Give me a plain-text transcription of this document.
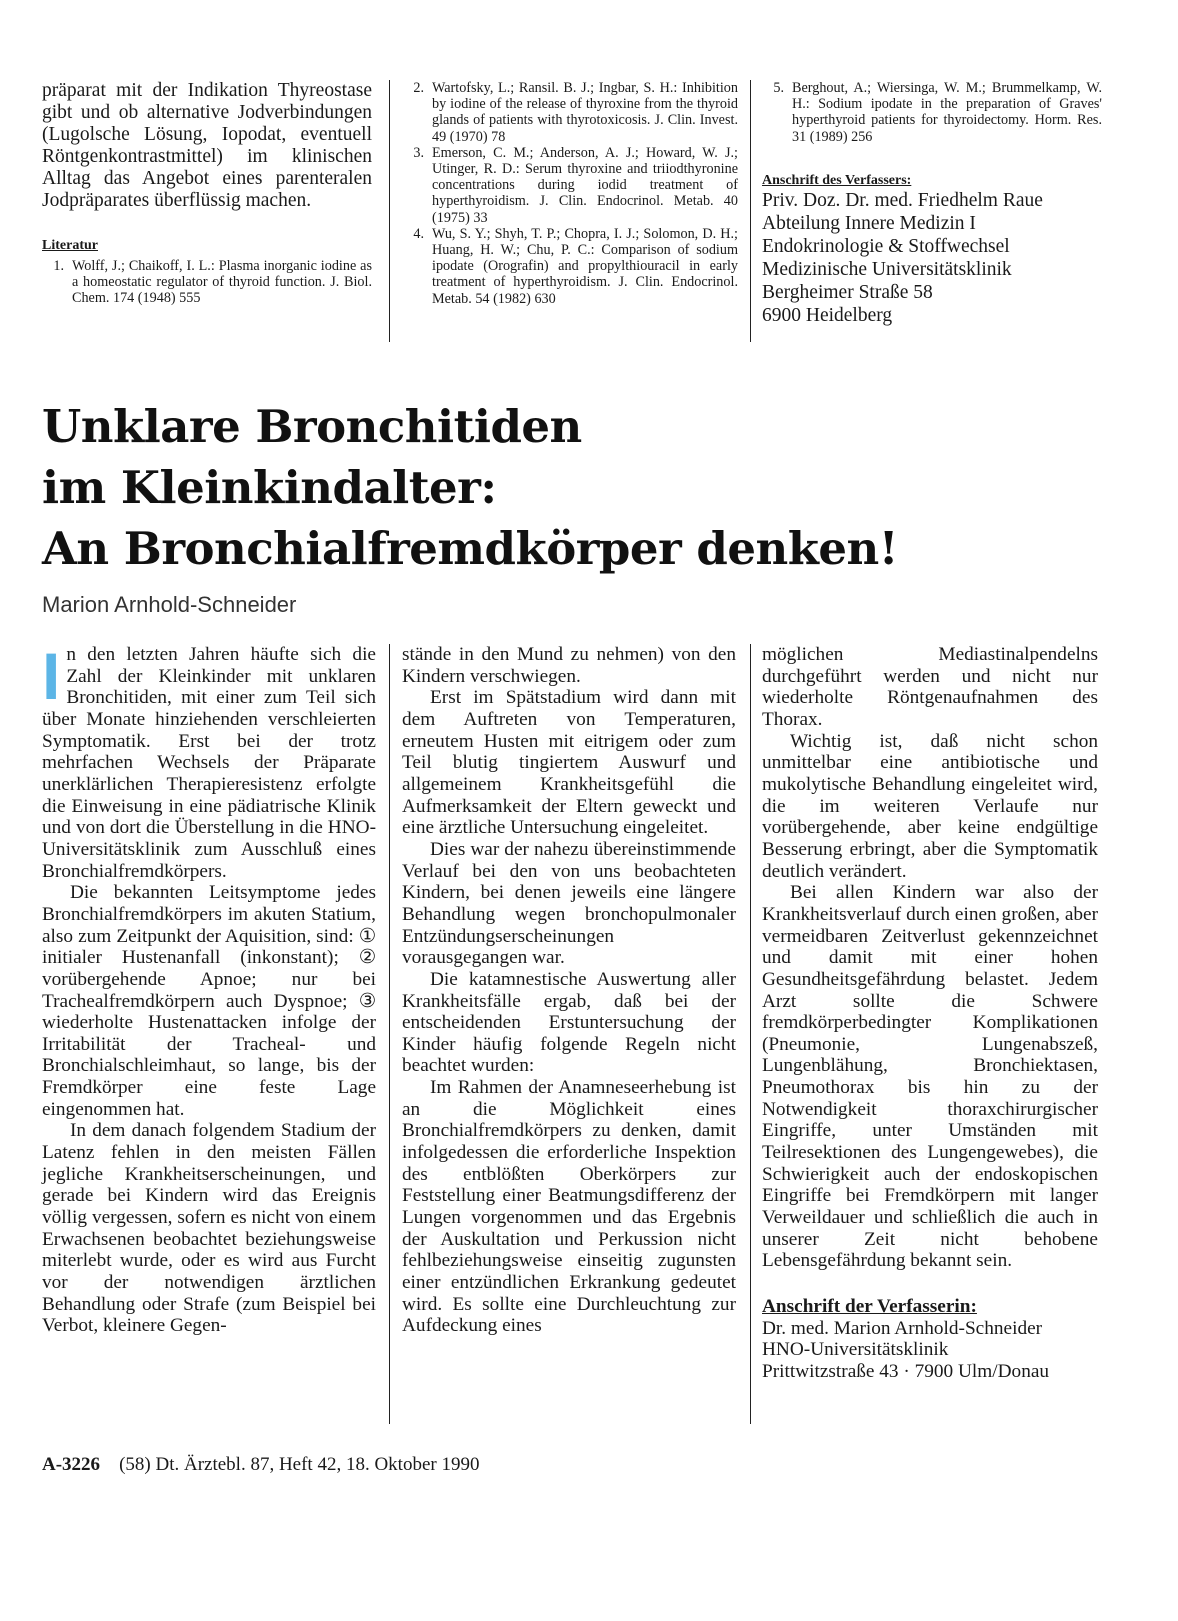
präparat mit der Indikation Thyreostase gibt und ob alternative Jodverbindungen (Lugolsche Lösung, Iopodat, eventuell Röntgenkontrastmittel) im klinischen Alltag das Angebot eines parenteralen Jodpräparates überflüssig machen.

Literatur

1. Wolff, J.; Chaikoff, I. L.: Plasma inorganic iodine as a homeostatic regulator of thyroid function. J. Biol. Chem. 174 (1948) 555
2. Wartofsky, L.; Ransil. B. J.; Ingbar, S. H.: Inhibition by iodine of the release of thyroxine from the thyroid glands of patients with thyrotoxicosis. J. Clin. Invest. 49 (1970) 78
3. Emerson, C. M.; Anderson, A. J.; Howard, W. J.; Utinger, R. D.: Serum thyroxine and triiodthyronine concentrations during iodid treatment of hyperthyroidism. J. Clin. Endocrinol. Metab. 40 (1975) 33
4. Wu, S. Y.; Shyh, T. P.; Chopra, I. J.; Solomon, D. H.; Huang, H. W.; Chu, P. C.: Comparison of sodium ipodate (Orografin) and propylthiouracil in early treatment of hyperthyroidism. J. Clin. Endocrinol. Metab. 54 (1982) 630
5. Berghout, A.; Wiersinga, W. M.; Brummelkamp, W. H.: Sodium ipodate in the preparation of Graves' hyperthyroid patients for thyroidectomy. Horm. Res. 31 (1989) 256

Anschrift des Verfassers:

Priv. Doz. Dr. med. Friedhelm Raue

Abteilung Innere Medizin I

Endokrinologie & Stoffwechsel

Medizinische Universitätsklinik

Bergheimer Straße 58

6900 Heidelberg

Unklare Bronchitiden
im Kleinkindalter:
An Bronchialfremdkörper denken!

Marion Arnhold-Schneider

I n den letzten Jahren häufte sich die Zahl der Kleinkinder mit unklaren Bronchitiden, mit einer zum Teil sich über Monate hinziehenden verschleierten Symptomatik. Erst bei der trotz mehrfachen Wechsels der Präparate unerklärlichen Therapieresistenz erfolgte die Einweisung in eine pädiatrische Klinik und von dort die Überstellung in die HNO-Universitätsklinik zum Ausschluß eines Bronchialfremdkörpers.

Die bekannten Leitsymptome jedes Bronchialfremdkörpers im akuten Statium, also zum Zeitpunkt der Aquisition, sind: ① initialer Hustenanfall (inkonstant); ② vorübergehende Apnoe; nur bei Trachealfremdkörpern auch Dyspnoe; ③ wiederholte Hustenattacken infolge der Irritabilität der Tracheal- und Bronchialschleimhaut, so lange, bis der Fremdkörper eine feste Lage eingenommen hat.

In dem danach folgendem Stadium der Latenz fehlen in den meisten Fällen jegliche Krankheitserscheinungen, und gerade bei Kindern wird das Ereignis völlig vergessen, sofern es nicht von einem Erwachsenen beobachtet beziehungsweise miterlebt wurde, oder es wird aus Furcht vor der notwendigen ärztlichen Behandlung oder Strafe (zum Beispiel bei Verbot, kleinere Gegen-

stände in den Mund zu nehmen) von den Kindern verschwiegen.

Erst im Spätstadium wird dann mit dem Auftreten von Temperaturen, erneutem Husten mit eitrigem oder zum Teil blutig tingiertem Auswurf und allgemeinem Krankheitsgefühl die Aufmerksamkeit der Eltern geweckt und eine ärztliche Untersuchung eingeleitet.

Dies war der nahezu übereinstimmende Verlauf bei den von uns beobachteten Kindern, bei denen jeweils eine längere Behandlung wegen bronchopulmonaler Entzündungserscheinungen vorausgegangen war.

Die katamnestische Auswertung aller Krankheitsfälle ergab, daß bei der entscheidenden Erstuntersuchung der Kinder häufig folgende Regeln nicht beachtet wurden:

Im Rahmen der Anamneseerhebung ist an die Möglichkeit eines Bronchialfremdkörpers zu denken, damit infolgedessen die erforderliche Inspektion des entblößten Oberkörpers zur Feststellung einer Beatmungsdifferenz der Lungen vorgenommen und das Ergebnis der Auskultation und Perkussion nicht fehlbeziehungsweise einseitig zugunsten einer entzündlichen Erkrankung gedeutet wird. Es sollte eine Durchleuchtung zur Aufdeckung eines

möglichen Mediastinalpendelns durchgeführt werden und nicht nur wiederholte Röntgenaufnahmen des Thorax.

Wichtig ist, daß nicht schon unmittelbar eine antibiotische und mukolytische Behandlung eingeleitet wird, die im weiteren Verlaufe nur vorübergehende, aber keine endgültige Besserung erbringt, aber die Symptomatik deutlich verändert.

Bei allen Kindern war also der Krankheitsverlauf durch einen großen, aber vermeidbaren Zeitverlust gekennzeichnet und damit mit einer hohen Gesundheitsgefährdung belastet. Jedem Arzt sollte die Schwere fremdkörperbedingter Komplikationen (Pneumonie, Lungenabszeß, Lungenblähung, Bronchiektasen, Pneumothorax bis hin zu der Notwendigkeit thoraxchirurgischer Eingriffe, unter Umständen mit Teilresektionen des Lungengewebes), die Schwierigkeit auch der endoskopischen Eingriffe bei Fremdkörpern mit langer Verweildauer und schließlich die auch in unserer Zeit nicht behobene Lebensgefährdung bekannt sein.

Anschrift der Verfasserin:

Dr. med. Marion Arnhold-Schneider

HNO-Universitätsklinik

Prittwitzstraße 43 · 7900 Ulm/Donau

A-3226 (58) Dt. Ärztebl. 87, Heft 42, 18. Oktober 1990
